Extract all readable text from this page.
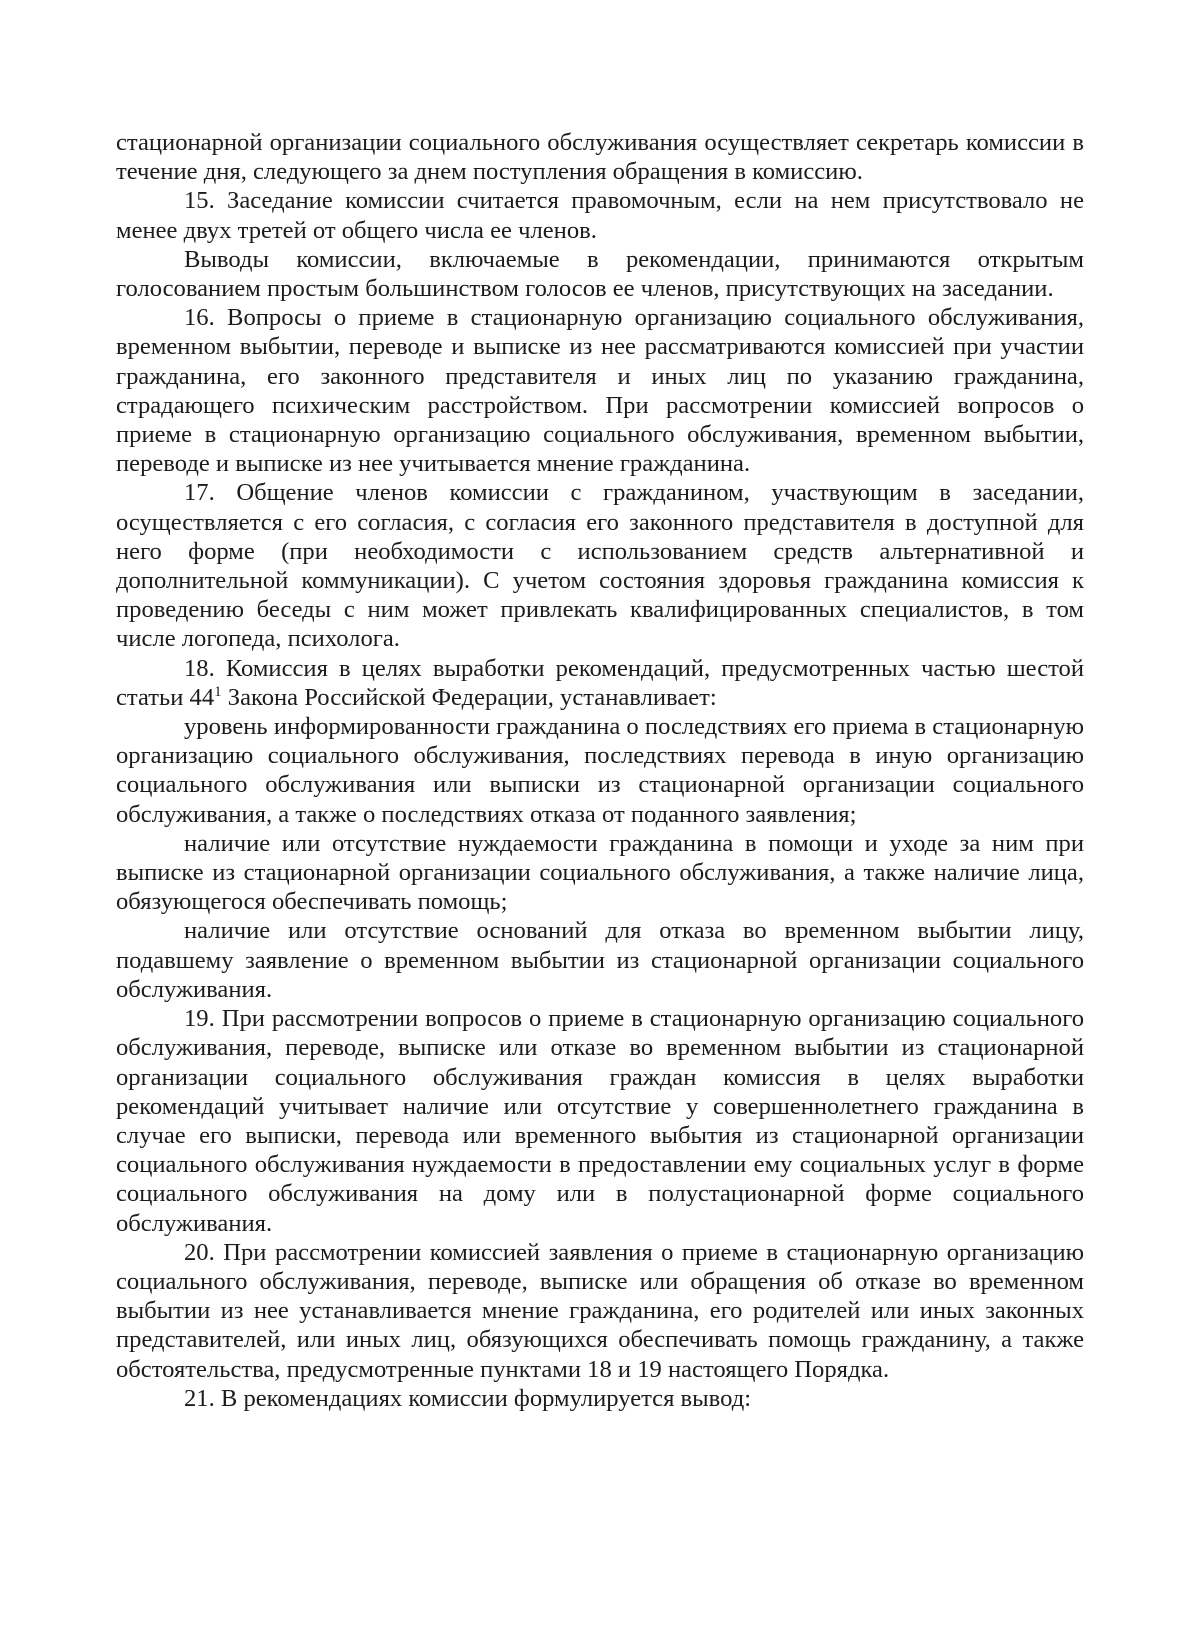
стационарной организации социального обслуживания осуществляет секретарь комиссии в течение дня, следующего за днем поступления обращения в комиссию.

15. Заседание комиссии считается правомочным, если на нем присутствовало не менее двух третей от общего числа ее членов.

Выводы комиссии, включаемые в рекомендации, принимаются открытым голосованием простым большинством голосов ее членов, присутствующих на заседании.

16. Вопросы о приеме в стационарную организацию социального обслуживания, временном выбытии, переводе и выписке из нее рассматриваются комиссией при участии гражданина, его законного представителя и иных лиц по указанию гражданина, страдающего психическим расстройством. При рассмотрении комиссией вопросов о приеме в стационарную организацию социального обслуживания, временном выбытии, переводе и выписке из нее учитывается мнение гражданина.

17. Общение членов комиссии с гражданином, участвующим в заседании, осуществляется с его согласия, с согласия его законного представителя в доступной для него форме (при необходимости с использованием средств альтернативной и дополнительной коммуникации). С учетом состояния здоровья гражданина комиссия к проведению беседы с ним может привлекать квалифицированных специалистов, в том числе логопеда, психолога.

18. Комиссия в целях выработки рекомендаций, предусмотренных частью шестой статьи $44^1$ Закона Российской Федерации, устанавливает:

уровень информированности гражданина о последствиях его приема в стационарную организацию социального обслуживания, последствиях перевода в иную организацию социального обслуживания или выписки из стационарной организации социального обслуживания, а также о последствиях отказа от поданного заявления;

наличие или отсутствие нуждаемости гражданина в помощи и уходе за ним при выписке из стационарной организации социального обслуживания, а также наличие лица, обязующегося обеспечивать помощь;

наличие или отсутствие оснований для отказа во временном выбытии лицу, подавшему заявление о временном выбытии из стационарной организации социального обслуживания.

19. При рассмотрении вопросов о приеме в стационарную организацию социального обслуживания, переводе, выписке или отказе во временном выбытии из стационарной организации социального обслуживания граждан комиссия в целях выработки рекомендаций учитывает наличие или отсутствие у совершеннолетнего гражданина в случае его выписки, перевода или временного выбытия из стационарной организации социального обслуживания нуждаемости в предоставлении ему социальных услуг в форме социального обслуживания на дому или в полустационарной форме социального обслуживания.

20. При рассмотрении комиссией заявления о приеме в стационарную организацию социального обслуживания, переводе, выписке или обращения об отказе во временном выбытии из нее устанавливается мнение гражданина, его родителей или иных законных представителей, или иных лиц, обязующихся обеспечивать помощь гражданину, а также обстоятельства, предусмотренные пунктами 18 и 19 настоящего Порядка.

21. В рекомендациях комиссии формулируется вывод:
